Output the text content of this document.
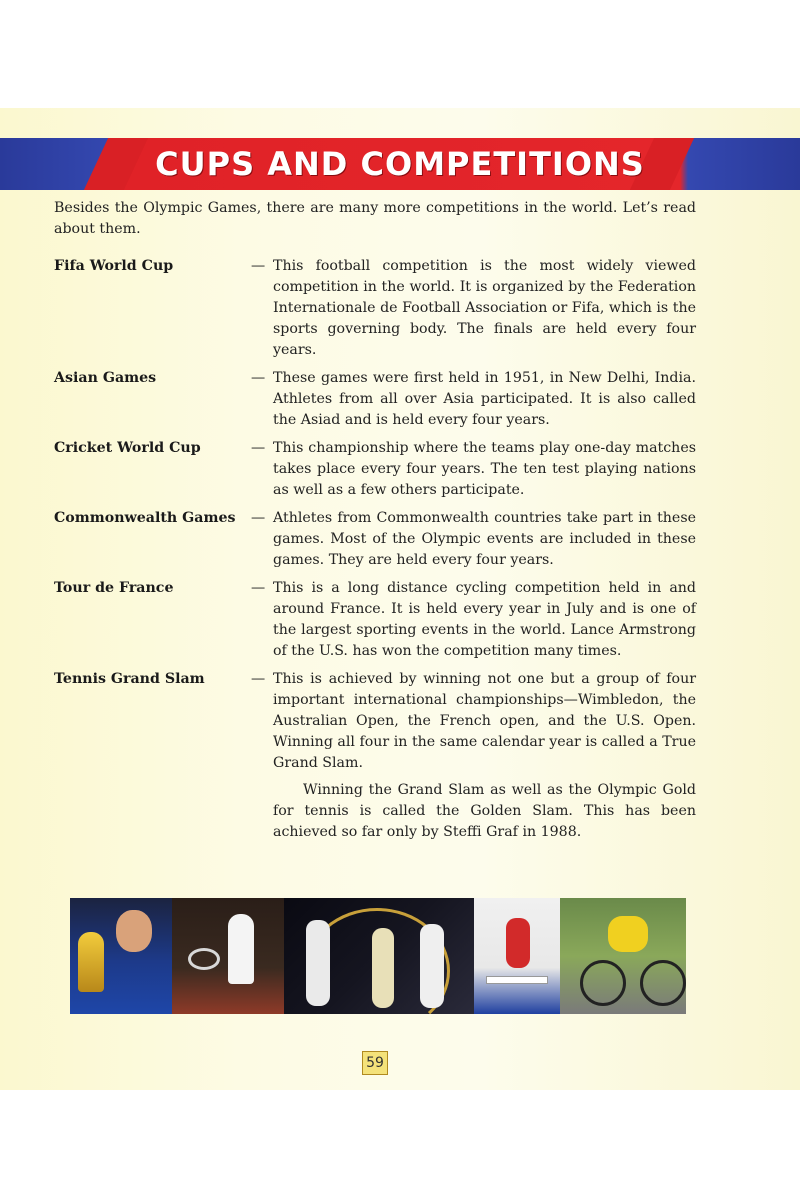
CUPS AND COMPETITIONS

Besides the Olympic Games, there are many more competitions in the world. Let’s read about them.

Fifa World Cup	— This football competition is the most widely viewed competition in the world. It is organized by the Federation Internationale de Football Association or Fifa, which is the sports governing body. The finals are held every four years.
Asian Games	— These games were first held in 1951, in New Delhi, India. Athletes from all over Asia participated. It is also called the Asiad and is held every four years.
Cricket World Cup	— This championship where the teams play one-day matches takes place every four years. The ten test playing nations as well as a few others participate.
Commonwealth Games	— Athletes from Commonwealth countries take part in these games. Most of the Olympic events are included in these games. They are held every four years.
Tour de France	— This is a long distance cycling competition held in and around France. It is held every year in July and is one of the largest sporting events in the world. Lance Armstrong of the U.S. has won the competition many times.
Tennis Grand Slam	— This is achieved by winning not one but a group of four important international championships—Wimbledon, the Australian Open, the French open, and the U.S. Open. Winning all four in the same calendar year is called a True Grand Slam.

Winning the Grand Slam as well as the Olympic Gold for tennis is called the Golden Slam. This has been achieved so far only by Steffi Graf in 1988.

59
